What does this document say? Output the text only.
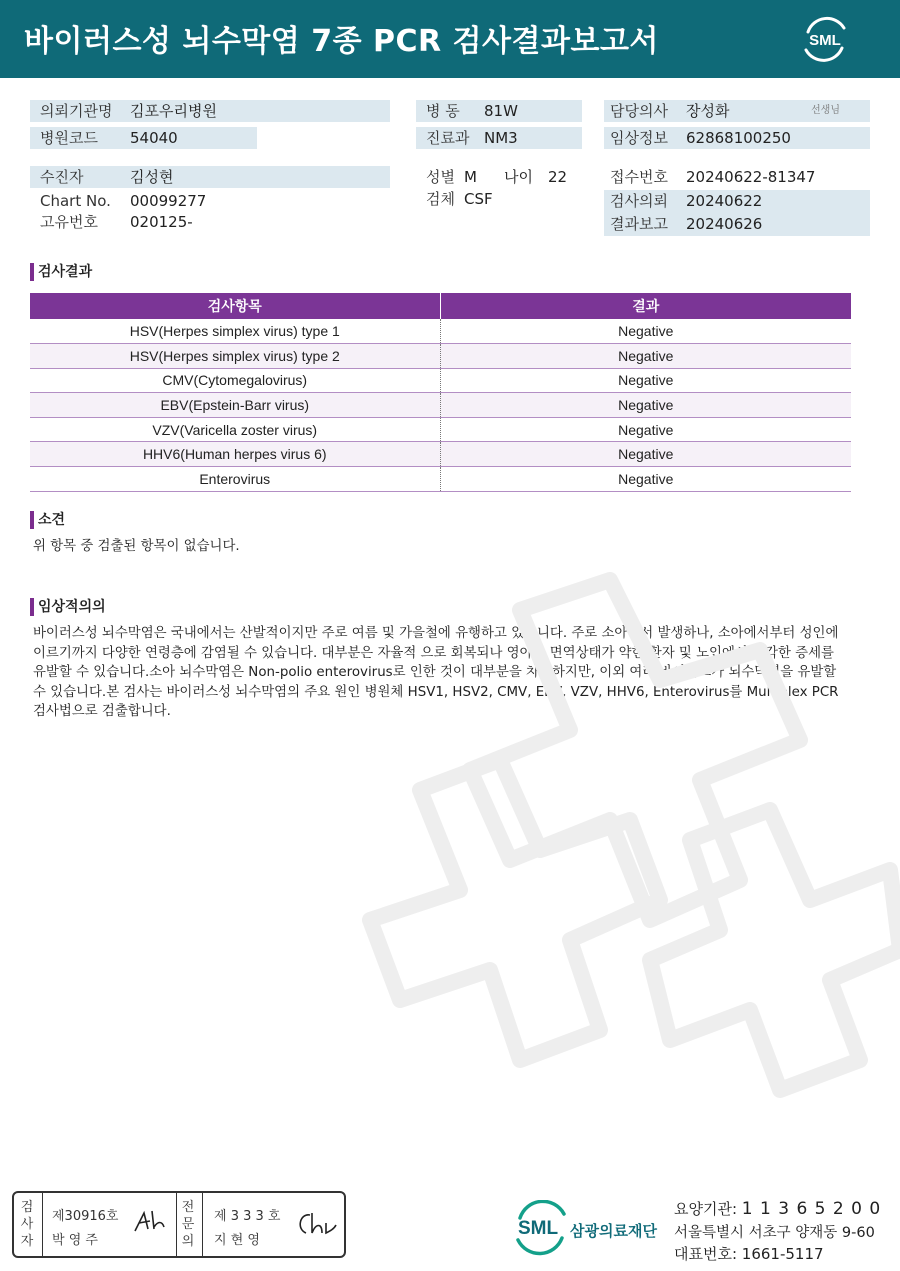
바이러스성 뇌수막염 7종 PCR 검사결과보고서	SML
의뢰기관명 김포우리병원
병원코드 54040
수진자	김성현
Chart No. 00099277
고유번호 020125-
병 동 81W
진료과 NM3
성별 M 나이 22
검체 CSF
담당의사 장성화	선생님
임상정보 62868100250
접수번호 20240622-81347
검사의뢰 20240622
결과보고 20240626
검사결과
검사항목	결과
HSV(Herpes simplex virus) type 1	Negative
HSV(Herpes simplex virus) type 2	Negative
CMV(Cytomegalovirus)	Negative
EBV(Epstein-Barr virus)	Negative
VZV(Varicella zoster virus)	Negative
HHV6(Human herpes virus 6)	Negative
Enterovirus	Negative
소견
위 항목 중 검출된 항목이 없습니다.
임상적의의
바이러스성 뇌수막염은 국내에서는 산발적이지만 주로 여름 및 가을철에 유행하고 있습니다. 주로 소아에서 발생하나, 소아에서부터 성인에
이르기까지 다양한 연령층에 감염될 수 있습니다. 대부분은 자율적 으로 회복되나 영아와 면역상태가 약한 환자 및 노인에서 심각한 증세를
유발할 수 있습니다.소아 뇌수막염은 Non-polio enterovirus로 인한 것이 대부분을 차지하지만, 이외 여러 바이러스가 뇌수막염을 유발할
수 있습니다.본 검사는 바이러스성 뇌수막염의 주요 원인 병원체 HSV1, HSV2, CMV, EBV, VZV, HHV6, Enterovirus를 Multiplex PCR
검사법으로 검출합니다.
검
사
자
제30916호
박 영 주
전
문
의
제 3 3 3 호
지 현 영
SML 삼광의료재단
요양기관: 1 1 3 6 5 2 0 0
서울특별시 서초구 양재동 9-60
대표번호: 1661-5117
